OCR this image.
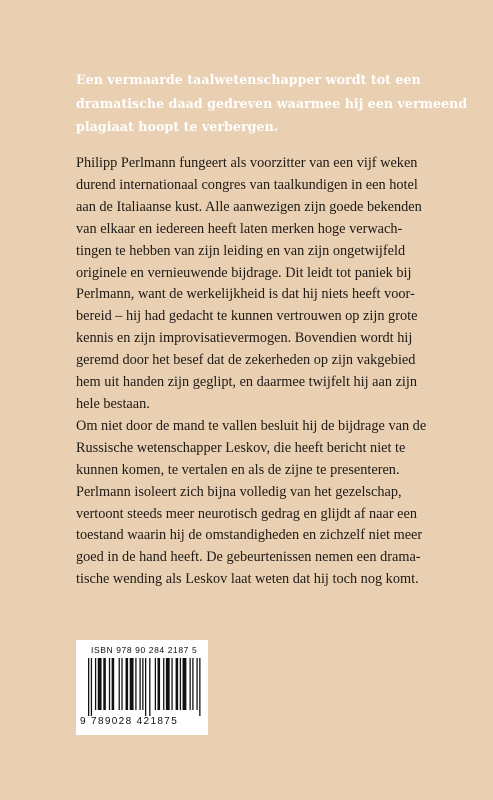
Een vermaarde taalwetenschapper wordt tot een
dramatische daad gedreven waarmee hij een vermeend
plagiaat hoopt te verbergen.

Philipp Perlmann fungeert als voorzitter van een vijf weken
durend internationaal congres van taalkundigen in een hotel
aan de Italiaanse kust. Alle aanwezigen zijn goede bekenden
van elkaar en iedereen heeft laten merken hoge verwach-
tingen te hebben van zijn leiding en van zijn ongetwijfeld
originele en vernieuwende bijdrage. Dit leidt tot paniek bij
Perlmann, want de werkelijkheid is dat hij niets heeft voor-
bereid – hij had gedacht te kunnen vertrouwen op zijn grote
kennis en zijn improvisatievermogen. Bovendien wordt hij
geremd door het besef dat de zekerheden op zijn vakgebied
hem uit handen zijn geglipt, en daarmee twijfelt hij aan zijn
hele bestaan.
Om niet door de mand te vallen besluit hij de bijdrage van de
Russische wetenschapper Leskov, die heeft bericht niet te
kunnen komen, te vertalen en als de zijne te presenteren.
Perlmann isoleert zich bijna volledig van het gezelschap,
vertoont steeds meer neurotisch gedrag en glijdt af naar een
toestand waarin hij de omstandigheden en zichzelf niet meer
goed in de hand heeft. De gebeurtenissen nemen een drama-
tische wending als Leskov laat weten dat hij toch nog komt.

ISBN 978 90 284 2187 5
9 789028 421875
